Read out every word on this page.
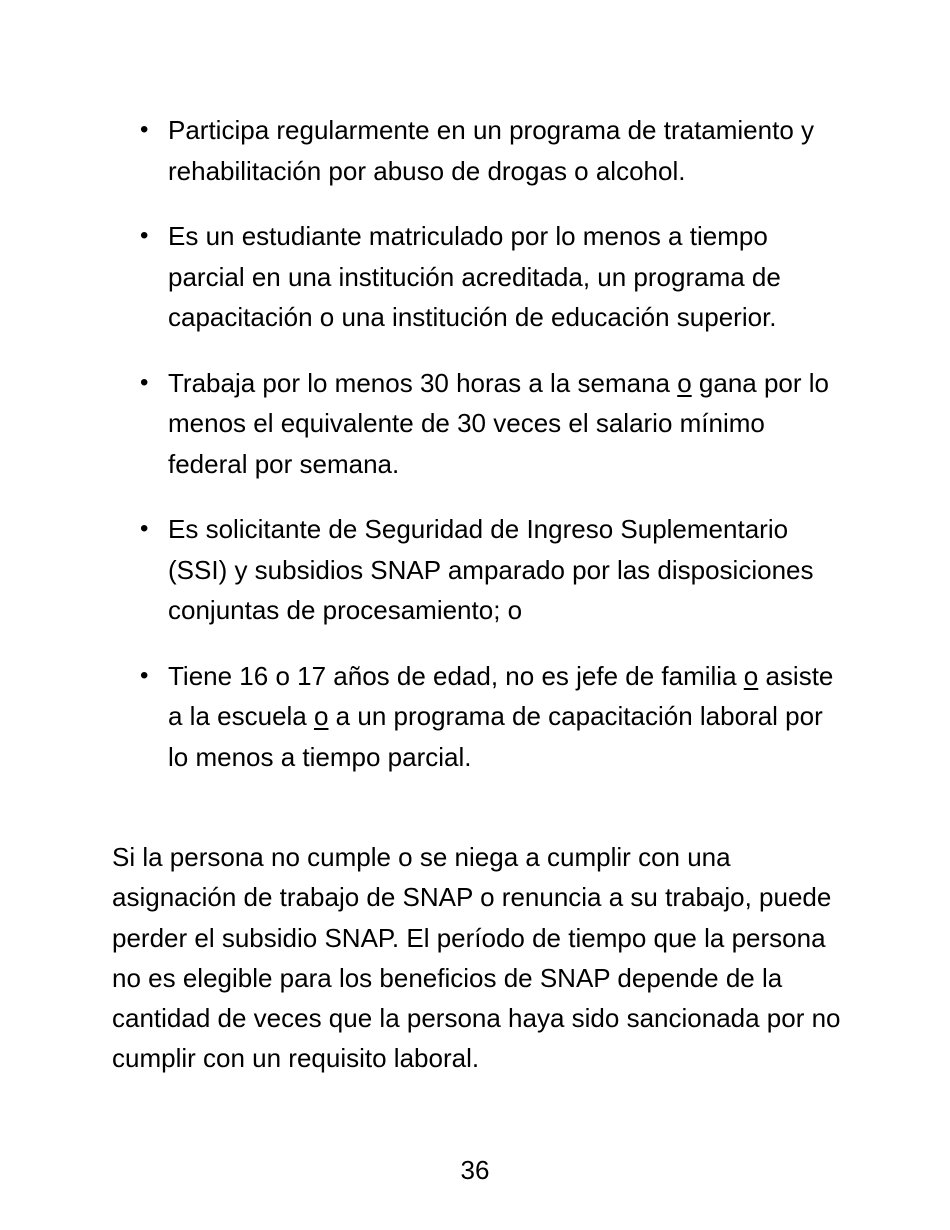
• Participa regularmente en un programa de tratamiento y rehabilitación por abuso de drogas o alcohol.
• Es un estudiante matriculado por lo menos a tiempo parcial en una institución acreditada, un programa de capacitación o una institución de educación superior.
• Trabaja por lo menos 30 horas a la semana o gana por lo menos el equivalente de 30 veces el salario mínimo federal por semana.
• Es solicitante de Seguridad de Ingreso Suplementario (SSI) y subsidios SNAP amparado por las disposiciones conjuntas de procesamiento; o
• Tiene 16 o 17 años de edad, no es jefe de familia o asiste a la escuela o a un programa de capacitación laboral por lo menos a tiempo parcial.

Si la persona no cumple o se niega a cumplir con una asignación de trabajo de SNAP o renuncia a su trabajo, puede perder el subsidio SNAP. El período de tiempo que la persona no es elegible para los beneficios de SNAP depende de la cantidad de veces que la persona haya sido sancionada por no cumplir con un requisito laboral.

36
